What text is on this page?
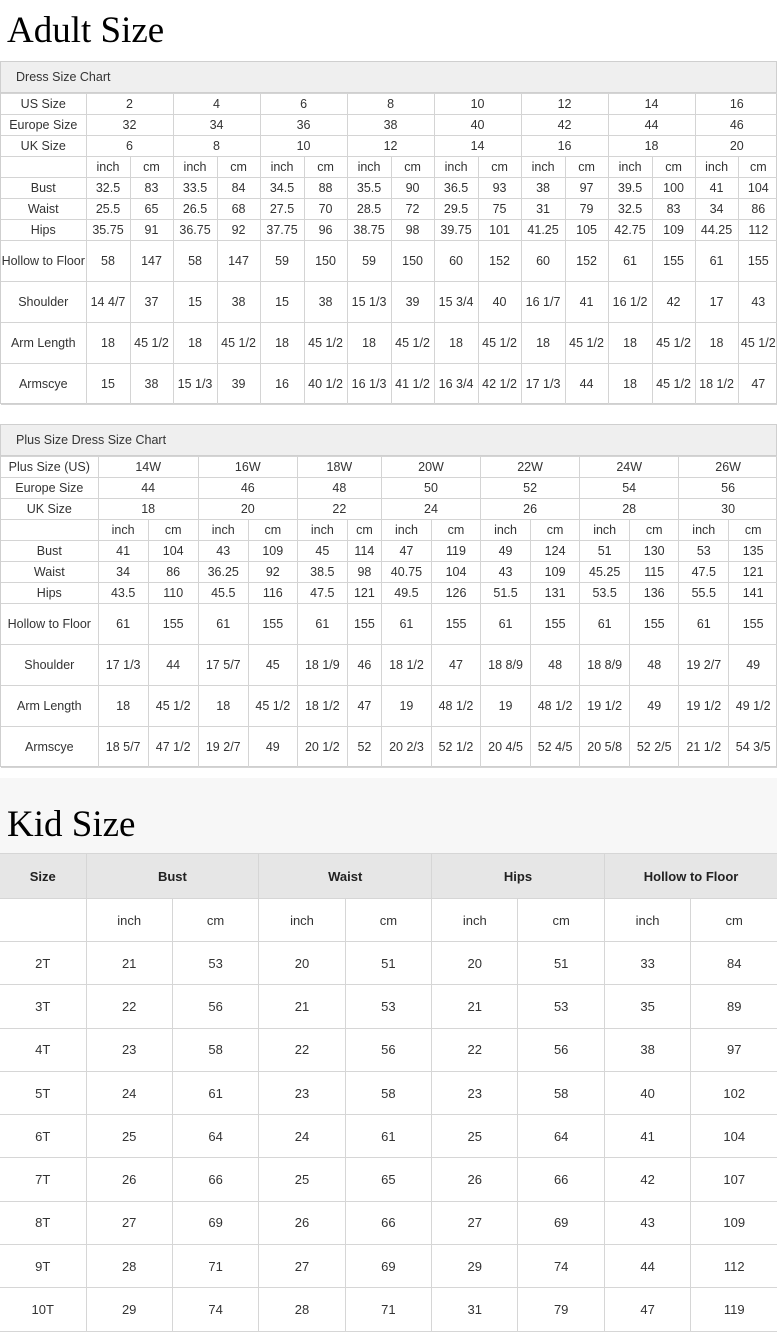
Adult Size
Dress Size Chart
US Size	2		4		6		8		10		12		14		16	
Europe Size	32		34		36		38		40		42		44		46	
UK Size	6		8		10		12		14		16		18		20	
	inch	cm	inch	cm	inch	cm	inch	cm	inch	cm	inch	cm	inch	cm	inch	cm
Bust	32.5	83	33.5	84	34.5	88	35.5	90	36.5	93	38	97	39.5	100	41	104
Waist	25.5	65	26.5	68	27.5	70	28.5	72	29.5	75	31	79	32.5	83	34	86
Hips	35.75	91	36.75	92	37.75	96	38.75	98	39.75	101	41.25	105	42.75	109	44.25	112
Hollow to Floor	58	147	58	147	59	150	59	150	60	152	60	152	61	155	61	155
Shoulder	14 4/7	37	15	38	15	38	15 1/3	39	15 3/4	40	16 1/7	41	16 1/2	42	17	43
Arm Length	18	45 1/2	18	45 1/2	18	45 1/2	18	45 1/2	18	45 1/2	18	45 1/2	18	45 1/2	18	45 1/2
Armscye	15	38	15 1/3	39	16	40 1/2	16 1/3	41 1/2	16 3/4	42 1/2	17 1/3	44	18	45 1/2	18 1/2	47
Plus Size Dress Size Chart
Plus Size (US)	14W		16W		18W		20W		22W		24W		26W	
Europe Size	44		46		48		50		52		54		56	
UK Size	18		20		22		24		26		28		30	
	inch	cm	inch	cm	inch	cm	inch	cm	inch	cm	inch	cm	inch	cm
Bust	41	104	43	109	45	114	47	119	49	124	51	130	53	135
Waist	34	86	36.25	92	38.5	98	40.75	104	43	109	45.25	115	47.5	121
Hips	43.5	110	45.5	116	47.5	121	49.5	126	51.5	131	53.5	136	55.5	141
Hollow to Floor	61	155	61	155	61	155	61	155	61	155	61	155	61	155
Shoulder	17 1/3	44	17 5/7	45	18 1/9	46	18 1/2	47	18 8/9	48	18 8/9	48	19 2/7	49
Arm Length	18	45 1/2	18	45 1/2	18 1/2	47	19	48 1/2	19	48 1/2	19 1/2	49	19 1/2	49 1/2
Armscye	18 5/7	47 1/2	19 2/7	49	20 1/2	52	20 2/3	52 1/2	20 4/5	52 4/5	20 5/8	52 2/5	21 1/2	54 3/5
Kid Size
Size	Bust		Waist		Hips		Hollow to Floor	
	inch	cm	inch	cm	inch	cm	inch	cm
2T	21	53	20	51	20	51	33	84
3T	22	56	21	53	21	53	35	89
4T	23	58	22	56	22	56	38	97
5T	24	61	23	58	23	58	40	102
6T	25	64	24	61	25	64	41	104
7T	26	66	25	65	26	66	42	107
8T	27	69	26	66	27	69	43	109
9T	28	71	27	69	29	74	44	112
10T	29	74	28	71	31	79	47	119
